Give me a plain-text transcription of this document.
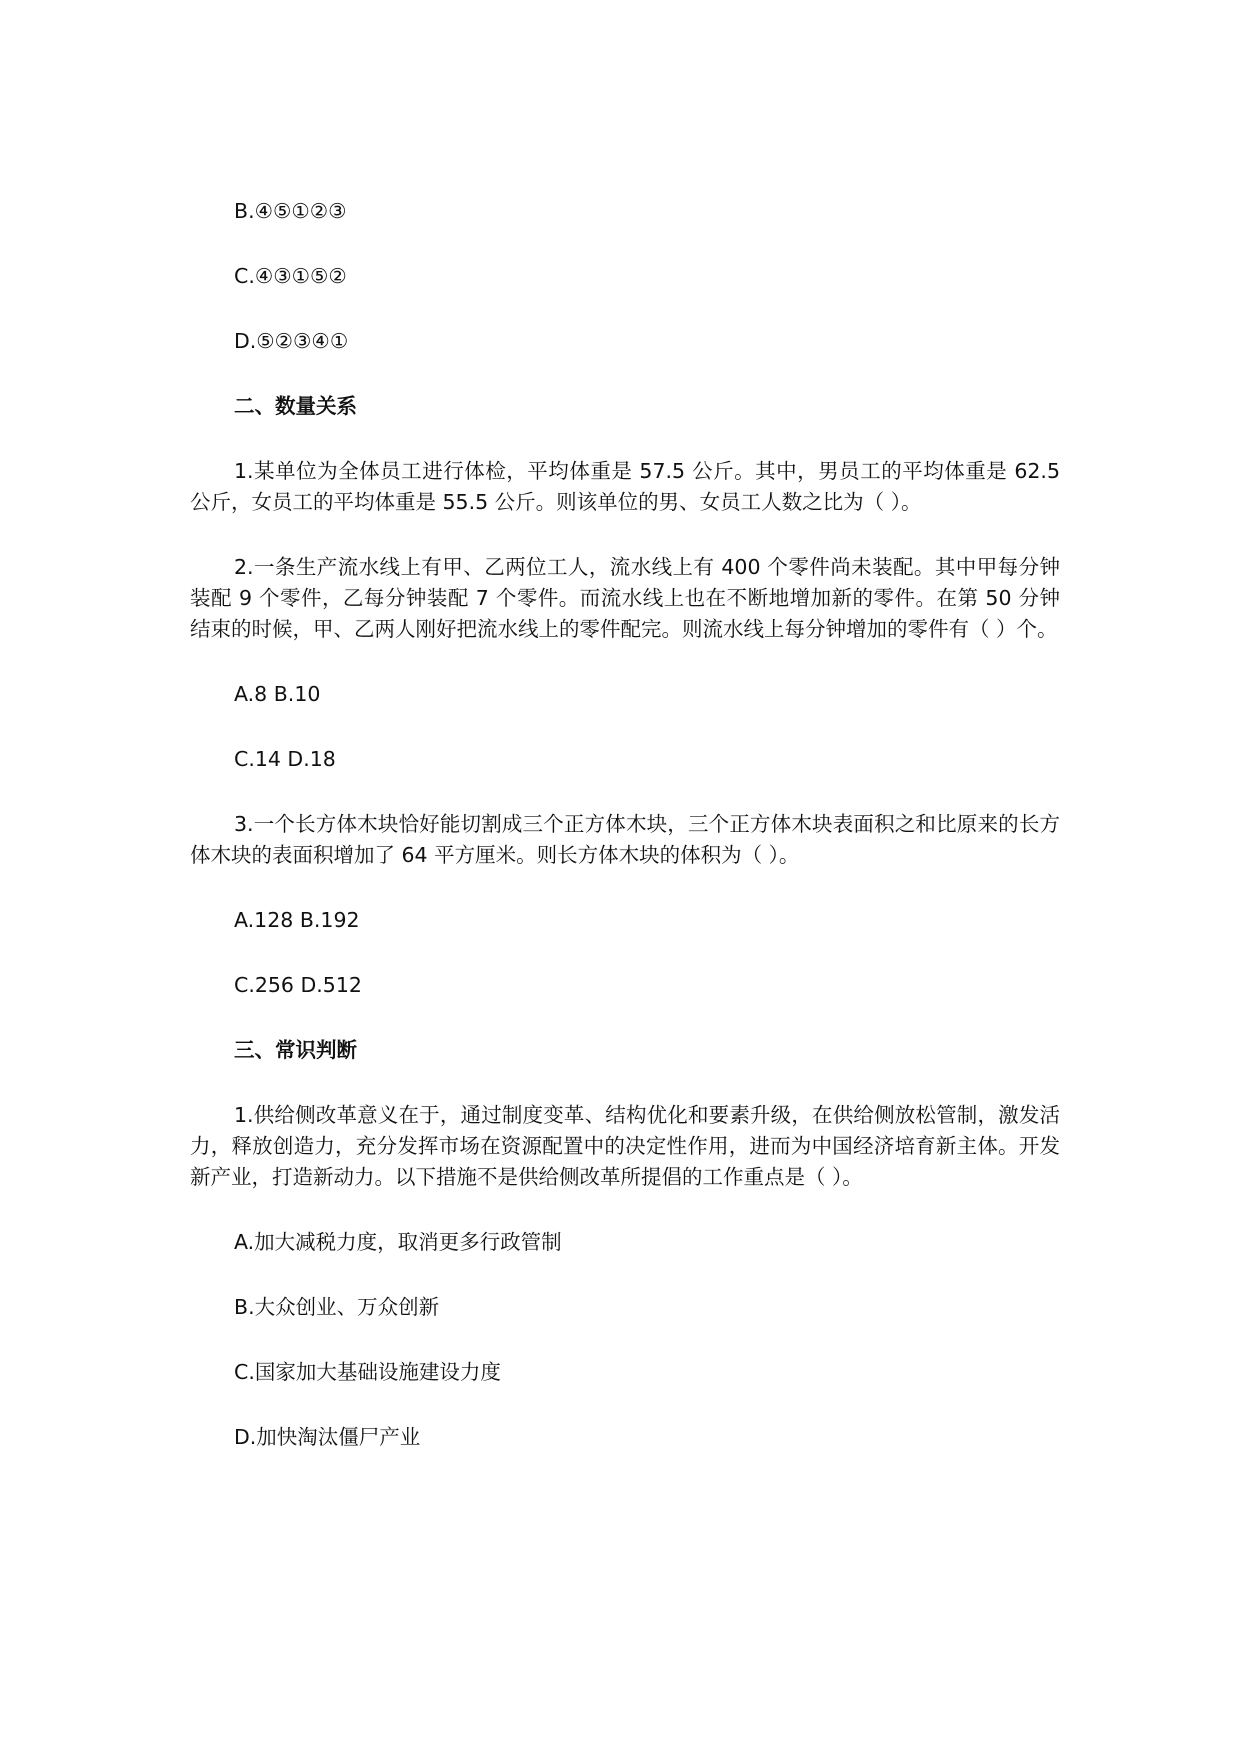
B.④⑤①②③

C.④③①⑤②

D.⑤②③④①

二、数量关系

1.某单位为全体员工进行体检，平均体重是 57.5 公斤。其中，男员工的平均体重是 62.5 公斤，女员工的平均体重是 55.5 公斤。则该单位的男、女员工人数之比为（ ）。

2.一条生产流水线上有甲、乙两位工人，流水线上有 400 个零件尚未装配。其中甲每分钟装配 9 个零件，乙每分钟装配 7 个零件。而流水线上也在不断地增加新的零件。在第 50 分钟结束的时候，甲、乙两人刚好把流水线上的零件配完。则流水线上每分钟增加的零件有（ ）个。

A.8 B.10

C.14 D.18

3.一个长方体木块恰好能切割成三个正方体木块，三个正方体木块表面积之和比原来的长方体木块的表面积增加了 64 平方厘米。则长方体木块的体积为（ ）。

A.128 B.192

C.256 D.512

三、常识判断

1.供给侧改革意义在于，通过制度变革、结构优化和要素升级，在供给侧放松管制，激发活力，释放创造力，充分发挥市场在资源配置中的决定性作用，进而为中国经济培育新主体。开发新产业，打造新动力。以下措施不是供给侧改革所提倡的工作重点是（ ）。

A.加大减税力度，取消更多行政管制

B.大众创业、万众创新

C.国家加大基础设施建设力度

D.加快淘汰僵尸产业
